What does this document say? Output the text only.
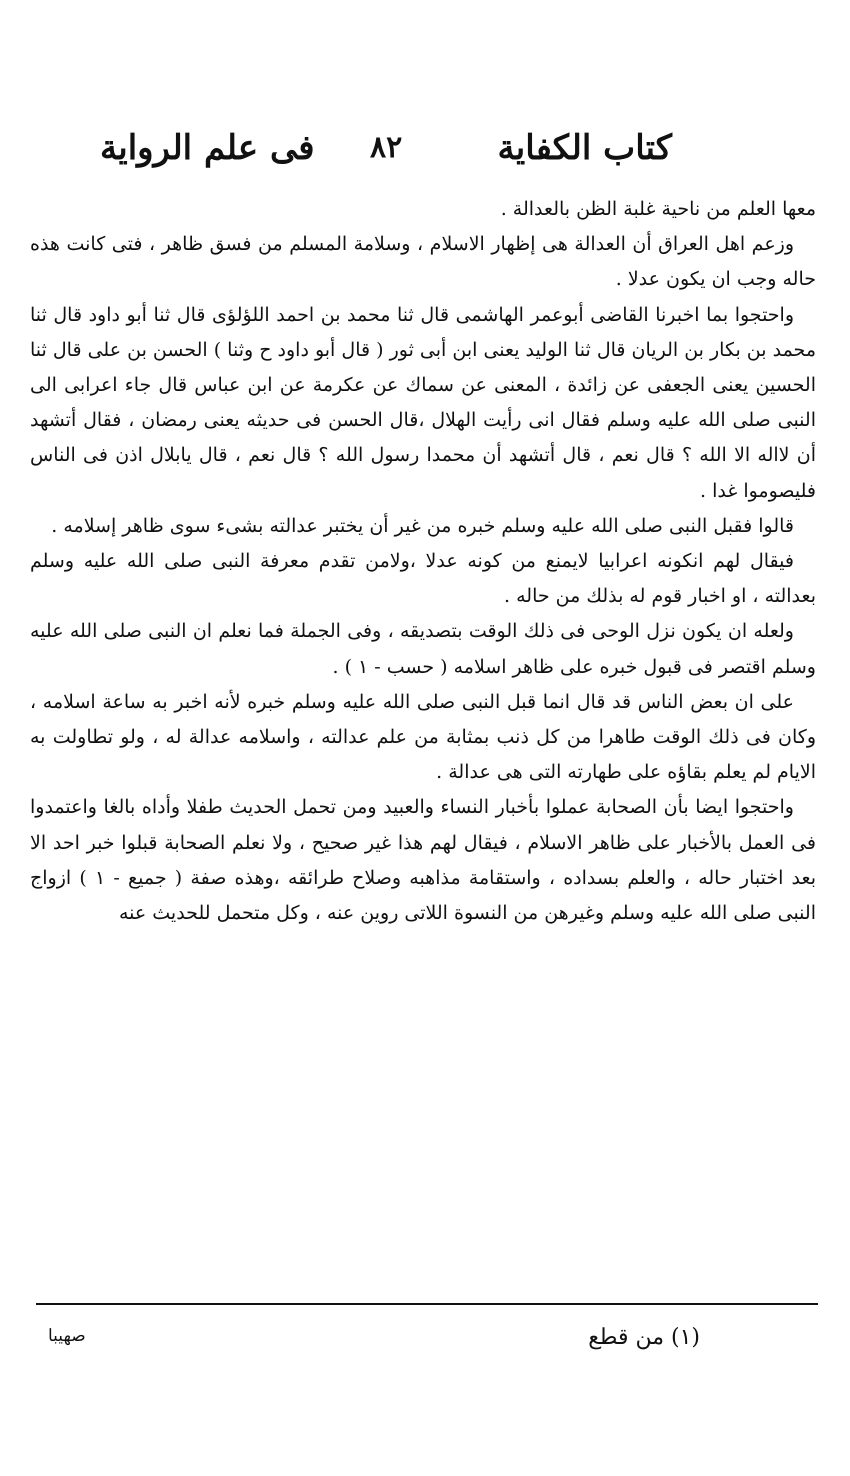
كتاب الكفاية
٨٢
فى علم الرواية

معها العلم من ناحية غلبة الظن بالعدالة .

وزعم اهل العراق أن العدالة هى إظهار الاسلام ، وسلامة المسلم من فسق ظاهر ، فتى كانت هذه حاله وجب ان يكون عدلا .

واحتجوا بما اخبرنا القاضى أبوعمر الهاشمى قال ثنا محمد بن احمد اللؤلؤى قال ثنا أبو داود قال ثنا محمد بن بكار بن الريان قال ثنا الوليد يعنى ابن أبى ثور ( قال أبو داود ح وثنا ) الحسن بن على قال ثنا الحسين يعنى الجعفى عن زائدة ، المعنى عن سماك عن عكرمة عن ابن عباس قال جاء اعرابى الى النبى صلى الله عليه وسلم فقال انى رأيت الهلال ،قال الحسن فى حديثه يعنى رمضان ، فقال أتشهد أن لااله الا الله ؟ قال نعم ، قال أتشهد أن محمدا رسول الله ؟ قال نعم ، قال يابلال اذن فى الناس فليصوموا غدا .

قالوا فقبل النبى صلى الله عليه وسلم خبره من غير أن يختبر عدالته بشىء سوى ظاهر إسلامه .

فيقال لهم انكونه اعرابيا لايمنع من كونه عدلا ،ولامن تقدم معرفة النبى صلى الله عليه وسلم بعدالته ، او اخبار قوم له بذلك من حاله .

ولعله ان يكون نزل الوحى فى ذلك الوقت بتصديقه ، وفى الجملة فما نعلم ان النبى صلى الله عليه وسلم اقتصر فى قبول خبره على ظاهر اسلامه ( حسب - ١ ) .

على ان بعض الناس قد قال انما قبل النبى صلى الله عليه وسلم خبره لأنه اخبر به ساعة اسلامه ، وكان فى ذلك الوقت طاهرا من كل ذنب بمثابة من علم عدالته ، واسلامه عدالة له ، ولو تطاولت به الايام لم يعلم بقاؤه على طهارته التى هى عدالة .

واحتجوا ايضا بأن الصحابة عملوا بأخبار النساء والعبيد ومن تحمل الحديث طفلا وأداه بالغا واعتمدوا فى العمل بالأخبار على ظاهر الاسلام ، فيقال لهم هذا غير صحيح ، ولا نعلم الصحابة قبلوا خبر احد الا بعد اختبار حاله ، والعلم بسداده ، واستقامة مذاهبه وصلاح طرائقه ،وهذه صفة ( جميع - ١ ) ازواج النبى صلى الله عليه وسلم وغيرهن من النسوة اللاتى روين عنه ، وكل متحمل للحديث عنه

(١) من قطع
صهيبا
